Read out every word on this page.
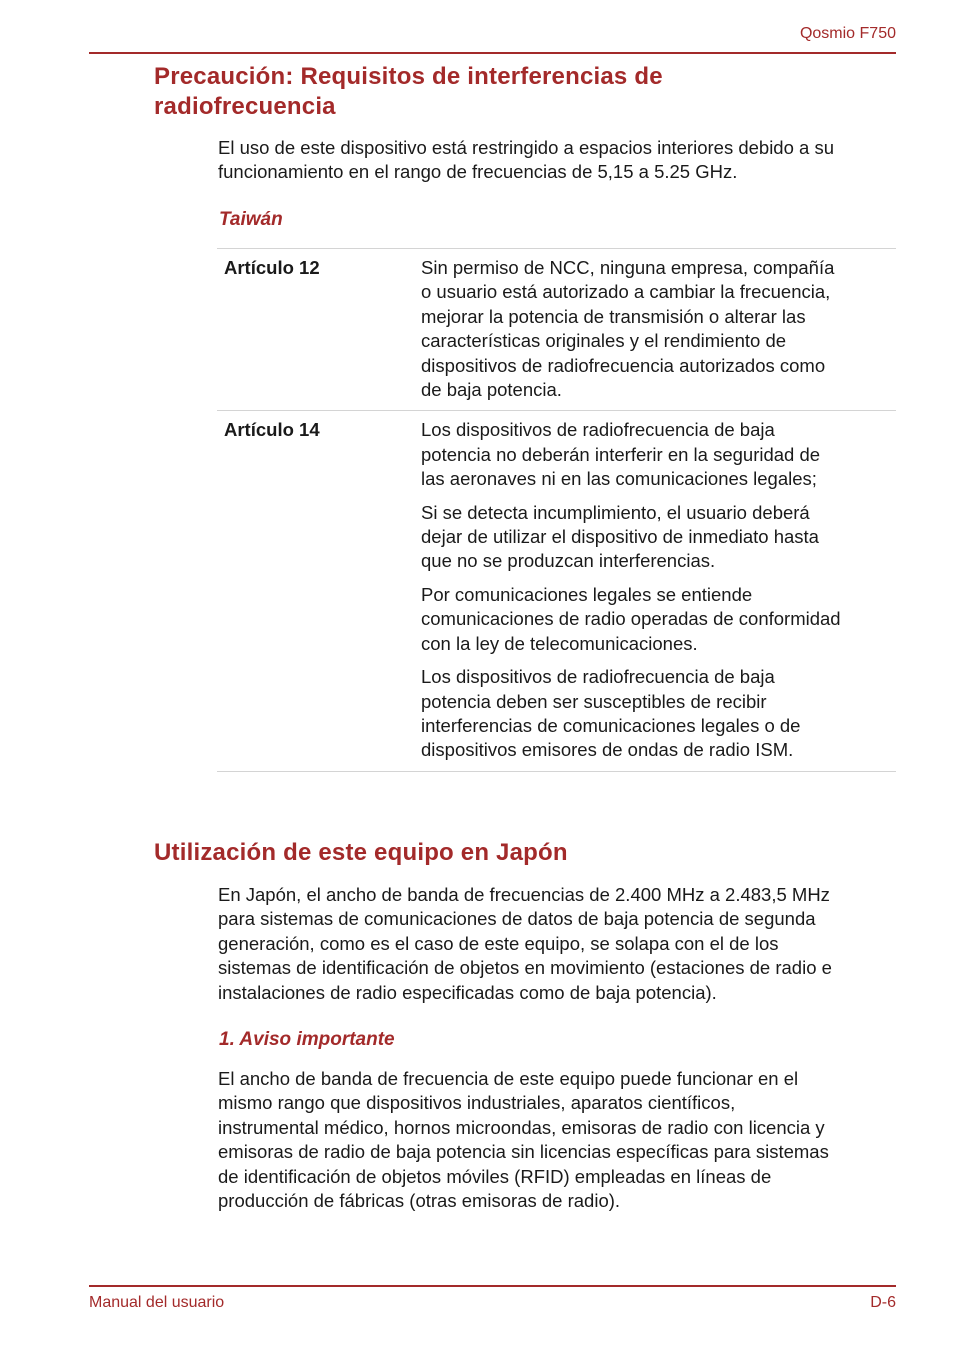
Qosmio F750
Precaución: Requisitos de interferencias de
radiofrecuencia

El uso de este dispositivo está restringido a espacios interiores debido a su
funcionamiento en el rango de frecuencias de 5,15 a 5.25 GHz.

Taiwán
Artículo 12	Sin permiso de NCC, ninguna empresa, compañía
o usuario está autorizado a cambiar la frecuencia,
mejorar la potencia de transmisión o alterar las
características originales y el rendimiento de
dispositivos de radiofrecuencia autorizados como
de baja potencia.

Artículo 14	Los dispositivos de radiofrecuencia de baja
potencia no deberán interferir en la seguridad de
las aeronaves ni en las comunicaciones legales;

Si se detecta incumplimiento, el usuario deberá
dejar de utilizar el dispositivo de inmediato hasta
que no se produzcan interferencias.

Por comunicaciones legales se entiende
comunicaciones de radio operadas de conformidad
con la ley de telecomunicaciones.

Los dispositivos de radiofrecuencia de baja
potencia deben ser susceptibles de recibir
interferencias de comunicaciones legales o de
dispositivos emisores de ondas de radio ISM.

Utilización de este equipo en Japón

En Japón, el ancho de banda de frecuencias de 2.400 MHz a 2.483,5 MHz
para sistemas de comunicaciones de datos de baja potencia de segunda
generación, como es el caso de este equipo, se solapa con el de los
sistemas de identificación de objetos en movimiento (estaciones de radio e
instalaciones de radio especificadas como de baja potencia).

1. Aviso importante

El ancho de banda de frecuencia de este equipo puede funcionar en el
mismo rango que dispositivos industriales, aparatos científicos,
instrumental médico, hornos microondas, emisoras de radio con licencia y
emisoras de radio de baja potencia sin licencias específicas para sistemas
de identificación de objetos móviles (RFID) empleadas en líneas de
producción de fábricas (otras emisoras de radio).

Manual del usuario	D-6
